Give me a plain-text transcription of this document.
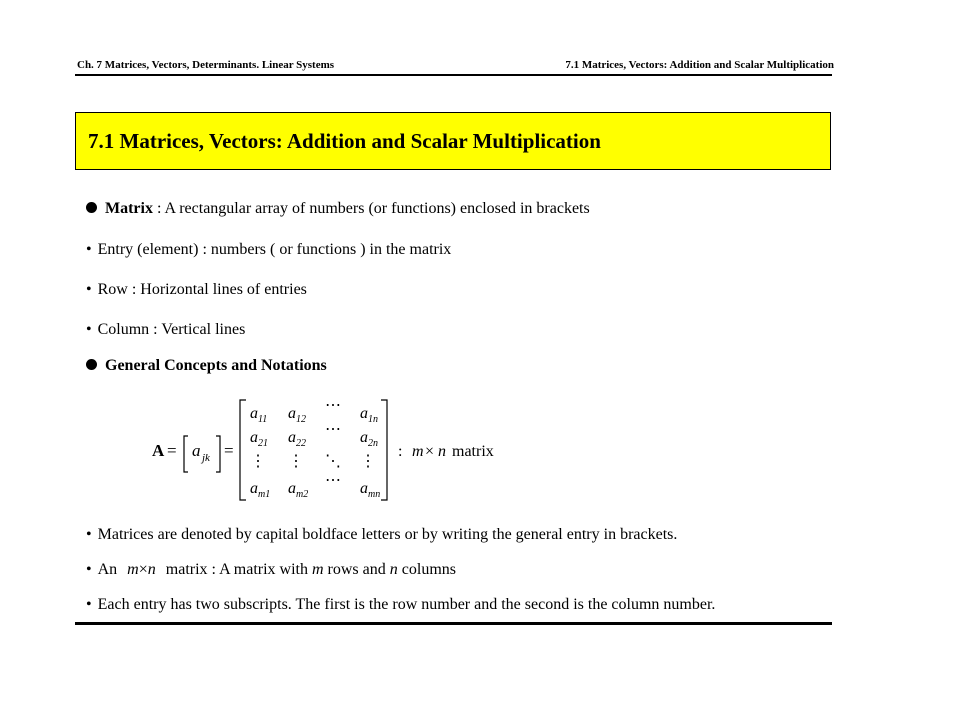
Ch. 7 Matrices, Vectors, Determinants. Linear Systems	7.1 Matrices, Vectors: Addition and Scalar Multiplication
7.1 Matrices, Vectors: Addition and Scalar Multiplication
Matrix : A rectangular array of numbers (or functions) enclosed in brackets
• Entry (element) : numbers ( or functions ) in the matrix
• Row : Horizontal lines of entries
• Column : Vertical lines
General Concepts and Notations
A = a jk =
$a_{11}$ $a_{12}$
⋯ $a_{1n}$
$a_{21}$ $a_{22}$
⋯ $a_{2n}$
⋮ ⋮ ⋱ ⋮
$a_{m1}$ $a_{m2}$
⋯ $a_{mn}$
: m × n matrix
• Matrices are denoted by capital boldface letters or by writing the general entry in brackets.
• An m×n matrix : A matrix with m rows and n columns
• Each entry has two subscripts. The first is the row number and the second is the column number.
